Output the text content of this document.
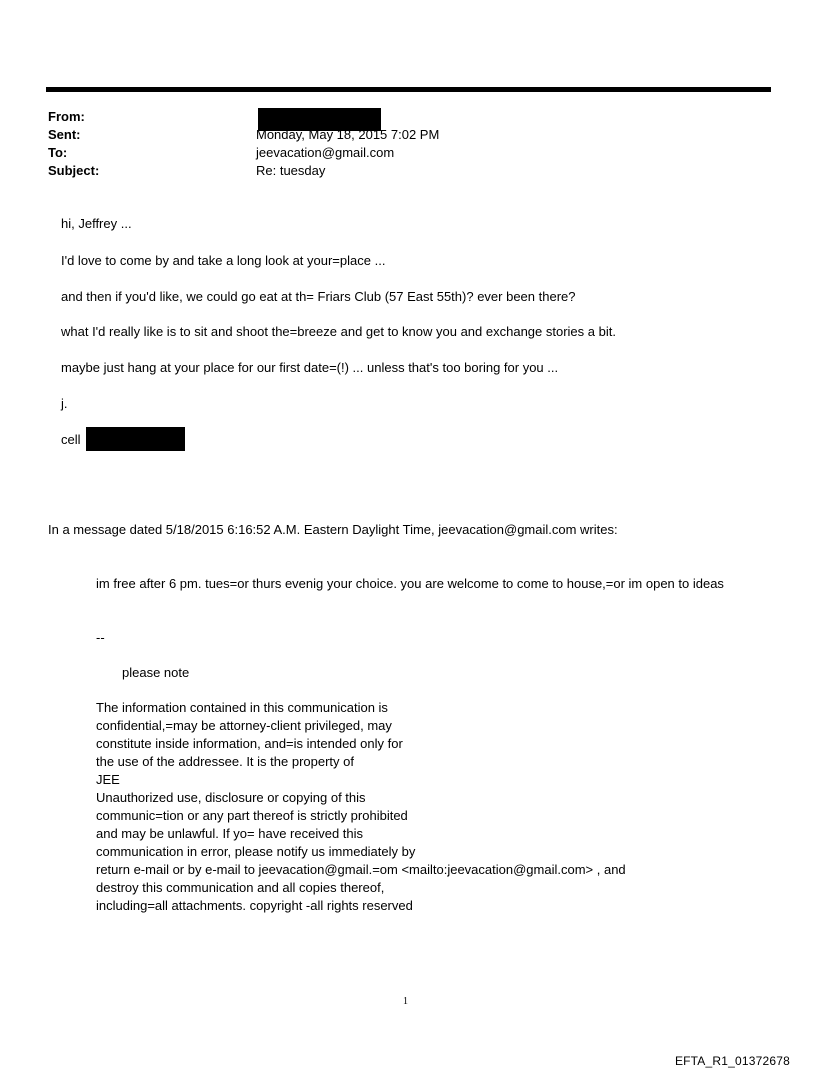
From:
Sent:	Monday, May 18, 2015 7:02 PM
To:	jeevacation@gmail.com
Subject:	Re: tuesday
hi, Jeffrey ...
I'd love to come by and take a long look at your=place ...
and then if you'd like, we could go eat at th= Friars Club (57 East 55th)? ever been there?
what I'd really like is to sit and shoot the=breeze and get to know you and exchange stories a bit.
maybe just hang at your place for our first date=(!) ... unless that's too boring for you ...
j.
cell
In a message dated 5/18/2015 6:16:52 A.M. Eastern Daylight Time, jeevacation@gmail.com writes:
im free after 6 pm. tues=or thurs evenig your choice. you are welcome to come to house,=or im open to ideas
--
please note
The information contained in this communication is
confidential,=may be attorney-client privileged, may
constitute inside information, and=is intended only for
the use of the addressee. It is the property of
JEE
Unauthorized use, disclosure or copying of this
communic=tion or any part thereof is strictly prohibited
and may be unlawful. If yo= have received this
communication in error, please notify us immediately by
return e-mail or by e-mail to jeevacation@gmail.=om <mailto:jeevacation@gmail.com> , and
destroy this communication and all copies thereof,
including=all attachments. copyright -all rights reserved
1
EFTA_R1_01372678
